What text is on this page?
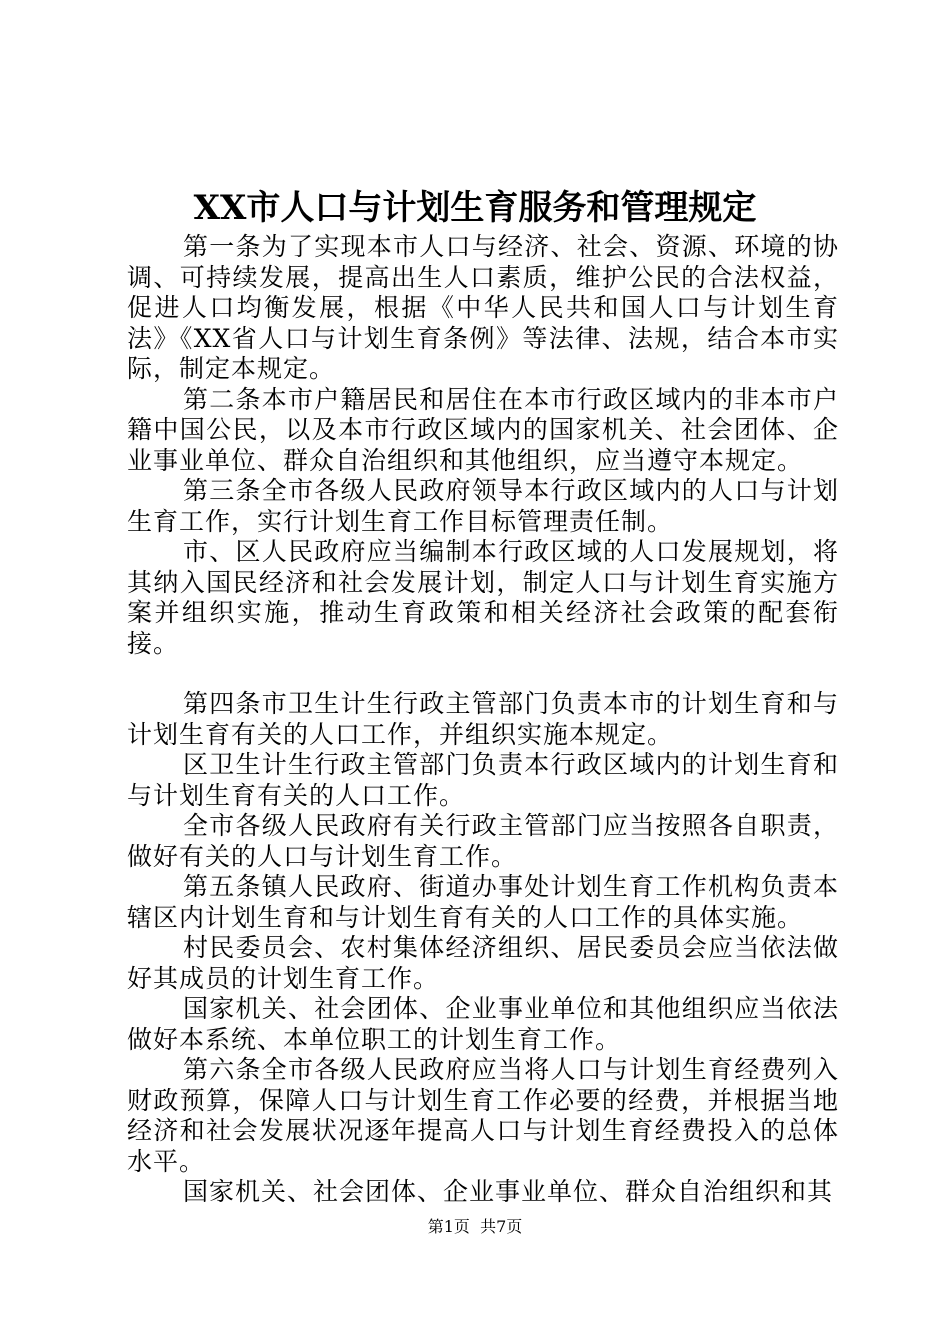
XX市人口与计划生育服务和管理规定

第一条为了实现本市人口与经济、社会、资源、环境的协调、可持续发展，提高出生人口素质，维护公民的合法权益，促进人口均衡发展，根据《中华人民共和国人口与计划生育法》《XX省人口与计划生育条例》等法律、法规，结合本市实际，制定本规定。

第二条本市户籍居民和居住在本市行政区域内的非本市户籍中国公民，以及本市行政区域内的国家机关、社会团体、企业事业单位、群众自治组织和其他组织，应当遵守本规定。

第三条全市各级人民政府领导本行政区域内的人口与计划生育工作，实行计划生育工作目标管理责任制。

市、区人民政府应当编制本行政区域的人口发展规划，将其纳入国民经济和社会发展计划，制定人口与计划生育实施方案并组织实施，推动生育政策和相关经济社会政策的配套衔接。

第四条市卫生计生行政主管部门负责本市的计划生育和与计划生育有关的人口工作，并组织实施本规定。

区卫生计生行政主管部门负责本行政区域内的计划生育和与计划生育有关的人口工作。

全市各级人民政府有关行政主管部门应当按照各自职责，做好有关的人口与计划生育工作。

第五条镇人民政府、街道办事处计划生育工作机构负责本辖区内计划生育和与计划生育有关的人口工作的具体实施。

村民委员会、农村集体经济组织、居民委员会应当依法做好其成员的计划生育工作。

国家机关、社会团体、企业事业单位和其他组织应当依法做好本系统、本单位职工的计划生育工作。

第六条全市各级人民政府应当将人口与计划生育经费列入财政预算，保障人口与计划生育工作必要的经费，并根据当地经济和社会发展状况逐年提高人口与计划生育经费投入的总体水平。

国家机关、社会团体、企业事业单位、群众自治组织和其

第1页  共7页
